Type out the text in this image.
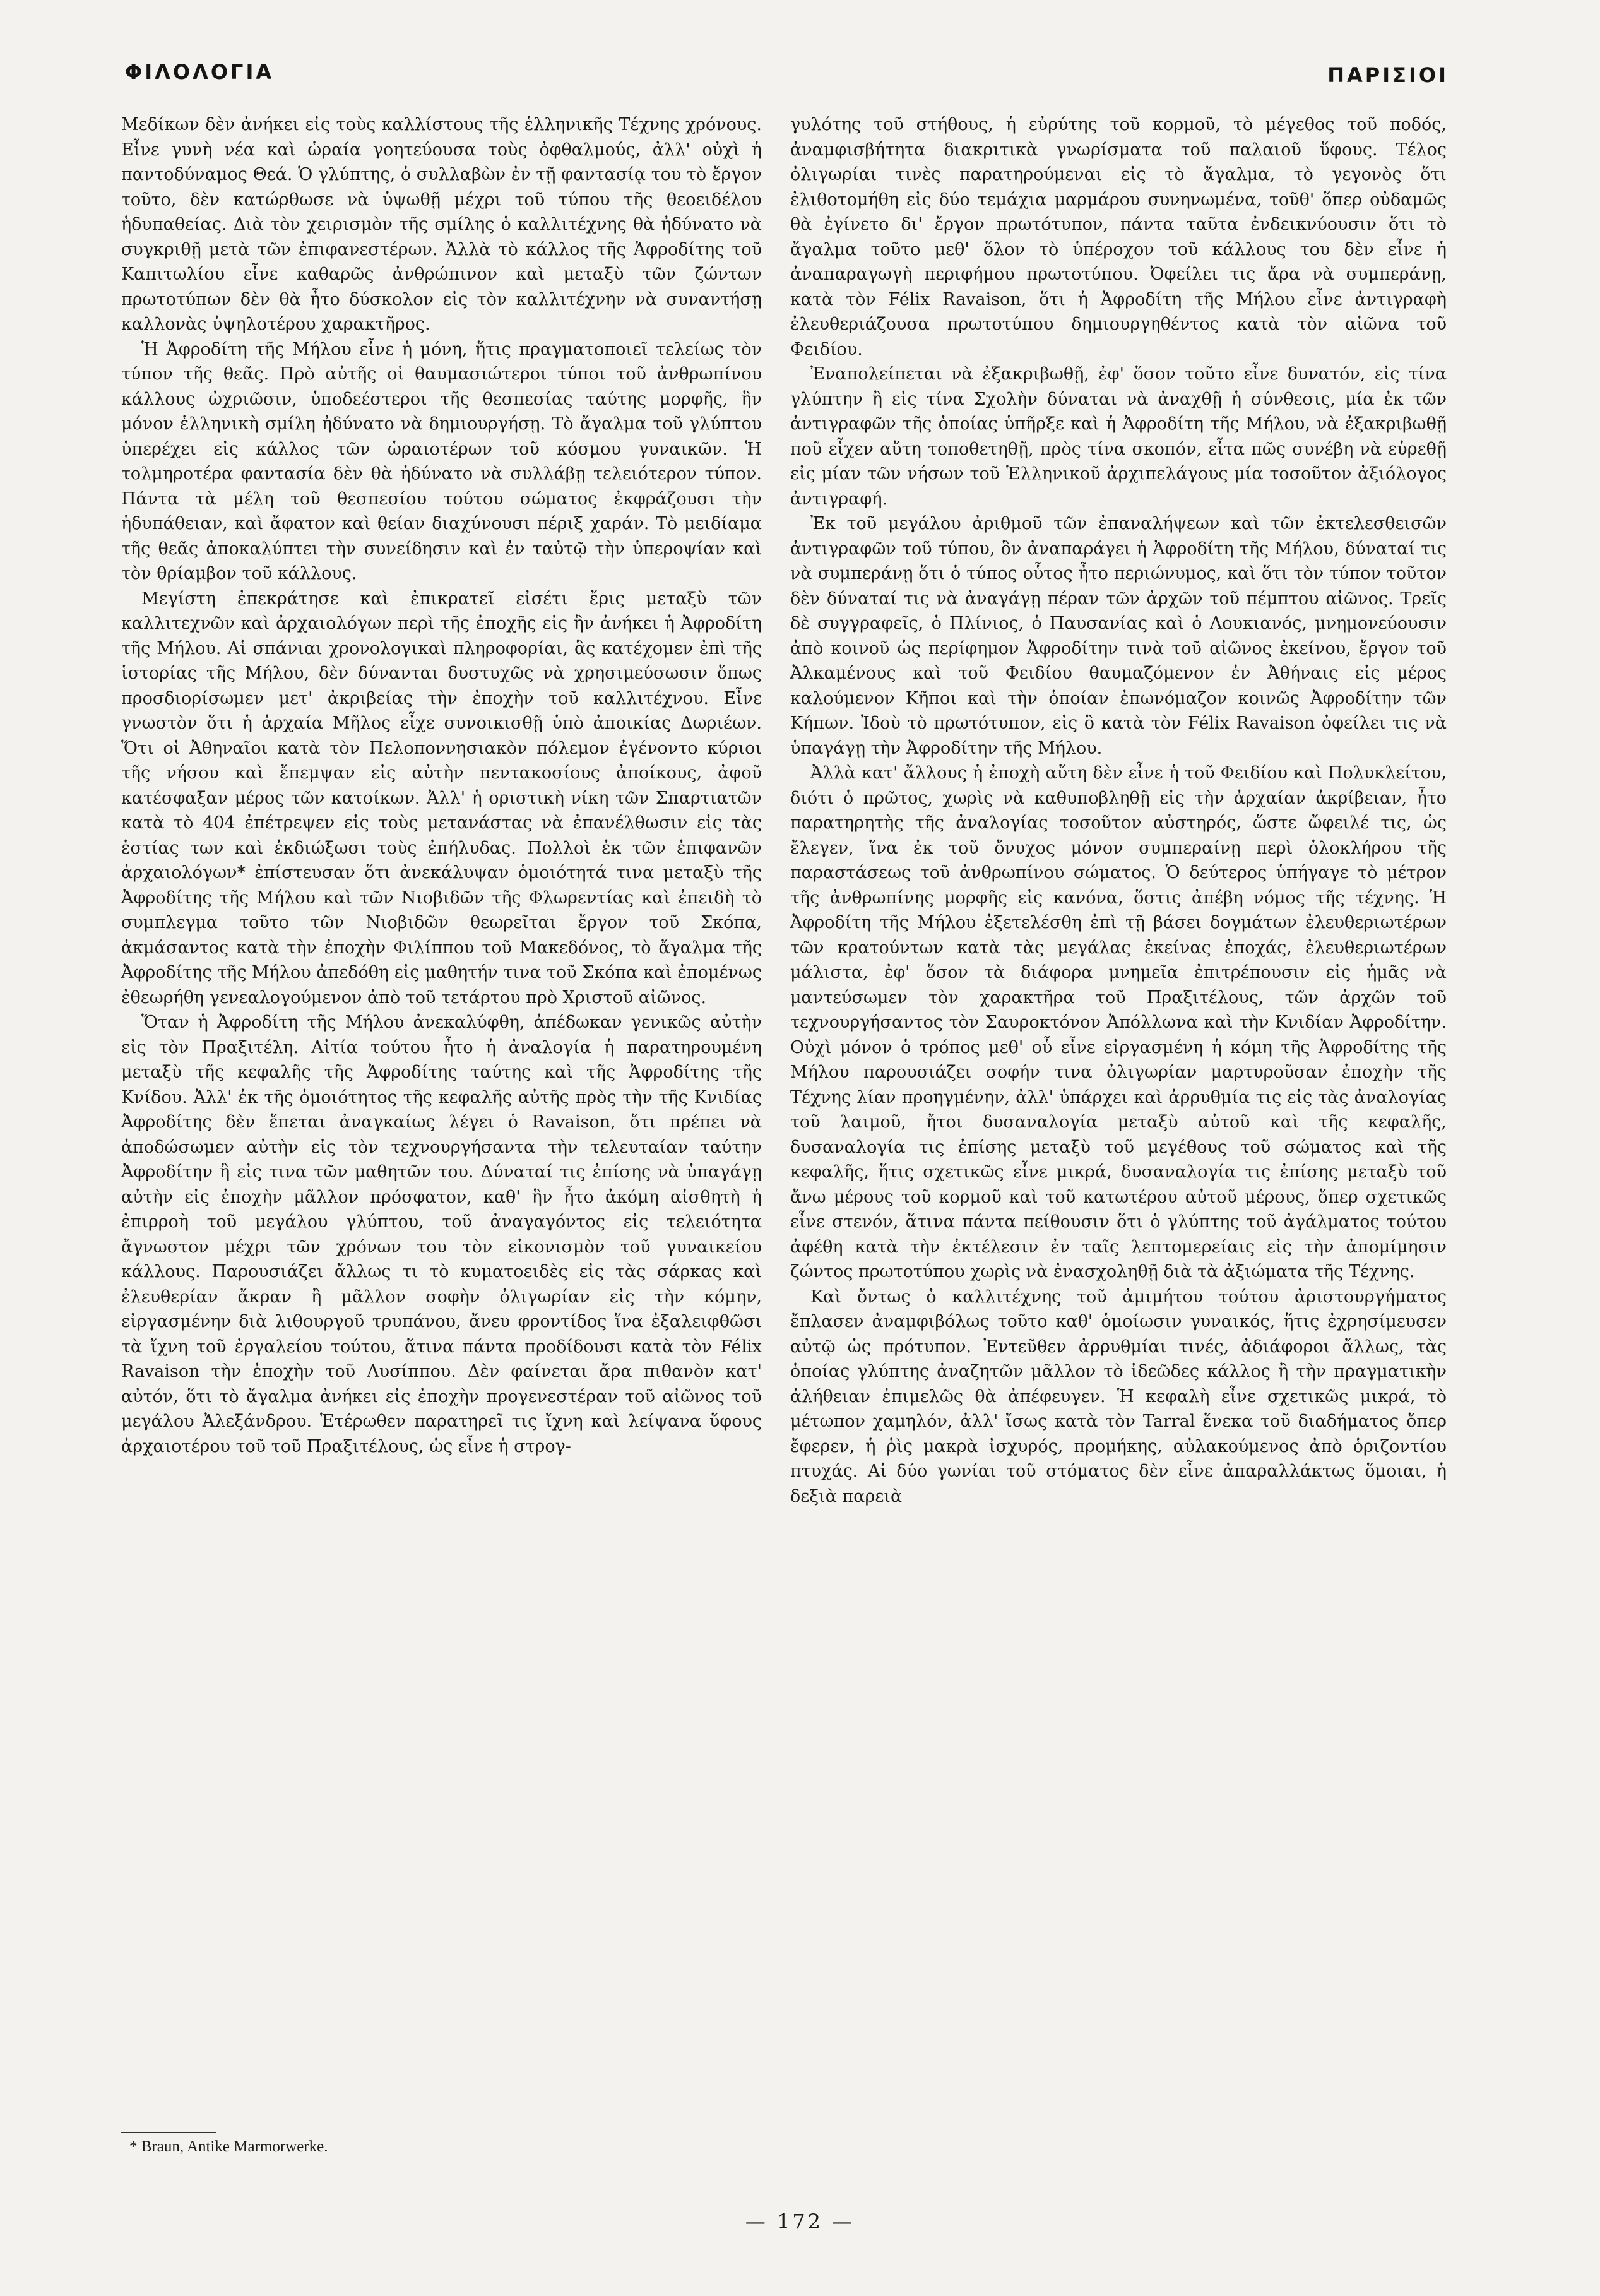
ΦΙΛΟΛΟΓΙΑ	ΠΑΡΙΣΙΟΙ

Μεδίκων δὲν ἀνήκει εἰς τοὺς καλλίστους τῆς ἑλληνικῆς Τέχνης χρόνους. Εἶνε γυνὴ νέα καὶ ὡραία γοητεύουσα τοὺς ὀφθαλμούς, ἀλλ' οὐχὶ ἡ παντοδύναμος Θεά. Ὁ γλύπτης, ὁ συλλαβὼν ἐν τῇ φαντασίᾳ του τὸ ἔργον τοῦτο, δὲν κατώρθωσε νὰ ὑψωθῇ μέχρι τοῦ τύπου τῆς θεοειδέλου ἡδυπαθείας. Διὰ τὸν χειρισμὸν τῆς σμίλης ὁ καλλιτέχνης θὰ ἠδύνατο νὰ συγκριθῇ μετὰ τῶν ἐπιφανεστέρων. Ἀλλὰ τὸ κάλλος τῆς Ἀφροδίτης τοῦ Καπιτωλίου εἶνε καθαρῶς ἀνθρώπινον καὶ μεταξὺ τῶν ζώντων πρωτοτύπων δὲν θὰ ἦτο δύσκολον εἰς τὸν καλλιτέχνην νὰ συναντήσῃ καλλονὰς ὑψηλοτέρου χαρακτῆρος.

Ἡ Ἀφροδίτη τῆς Μήλου εἶνε ἡ μόνη, ἥτις πραγματοποιεῖ τελείως τὸν τύπον τῆς θεᾶς. Πρὸ αὐτῆς οἱ θαυμασιώτεροι τύποι τοῦ ἀνθρωπίνου κάλλους ὠχριῶσιν, ὑποδεέστεροι τῆς θεσπεσίας ταύτης μορφῆς, ἣν μόνον ἑλληνικὴ σμίλη ἠδύνατο νὰ δημιουργήσῃ. Τὸ ἄγαλμα τοῦ γλύπτου ὑπερέχει εἰς κάλλος τῶν ὡραιοτέρων τοῦ κόσμου γυναικῶν. Ἡ τολμηροτέρα φαντασία δὲν θὰ ἠδύνατο νὰ συλλάβῃ τελειότερον τύπον. Πάντα τὰ μέλη τοῦ θεσπεσίου τούτου σώματος ἐκφράζουσι τὴν ἡδυπάθειαν, καὶ ἄφατον καὶ θείαν διαχύνουσι πέριξ χαράν. Τὸ μειδίαμα τῆς θεᾶς ἀποκαλύπτει τὴν συνείδησιν καὶ ἐν ταὐτῷ τὴν ὑπεροψίαν καὶ τὸν θρίαμβον τοῦ κάλλους.

Μεγίστη ἐπεκράτησε καὶ ἐπικρατεῖ εἰσέτι ἔρις μεταξὺ τῶν καλλιτεχνῶν καὶ ἀρχαιολόγων περὶ τῆς ἐποχῆς εἰς ἣν ἀνήκει ἡ Ἀφροδίτη τῆς Μήλου. Αἱ σπάνιαι χρονολογικαὶ πληροφορίαι, ἃς κατέχομεν ἐπὶ τῆς ἱστορίας τῆς Μήλου, δὲν δύνανται δυστυχῶς νὰ χρησιμεύσωσιν ὅπως προσδιορίσωμεν μετ' ἀκριβείας τὴν ἐποχὴν τοῦ καλλιτέχνου. Εἶνε γνωστὸν ὅτι ἡ ἀρχαία Μῆλος εἶχε συνοικισθῇ ὑπὸ ἀποικίας Δωριέων. Ὅτι οἱ Ἀθηναῖοι κατὰ τὸν Πελοποννησιακὸν πόλεμον ἐγένοντο κύριοι τῆς νήσου καὶ ἔπεμψαν εἰς αὐτὴν πεντακοσίους ἀποίκους, ἀφοῦ κατέσφαξαν μέρος τῶν κατοίκων. Ἀλλ' ἡ οριστικὴ νίκη τῶν Σπαρτιατῶν κατὰ τὸ 404 ἐπέτρεψεν εἰς τοὺς μετανάστας νὰ ἐπανέλθωσιν εἰς τὰς ἑστίας των καὶ ἐκδιώξωσι τοὺς ἐπήλυδας. Πολλοὶ ἐκ τῶν ἐπιφανῶν ἀρχαιολόγων* ἐπίστευσαν ὅτι ἀνεκάλυψαν ὁμοιότητά τινα μεταξὺ τῆς Ἀφροδίτης τῆς Μήλου καὶ τῶν Νιοβιδῶν τῆς Φλωρεντίας καὶ ἐπειδὴ τὸ συμπλεγμα τοῦτο τῶν Νιοβιδῶν θεωρεῖται ἔργον τοῦ Σκόπα, ἀκμάσαντος κατὰ τὴν ἐποχὴν Φιλίππου τοῦ Μακεδόνος, τὸ ἄγαλμα τῆς Ἀφροδίτης τῆς Μήλου ἀπεδόθη εἰς μαθητήν τινα τοῦ Σκόπα καὶ ἐπομένως ἐθεωρήθη γενεαλογούμενον ἀπὸ τοῦ τετάρτου πρὸ Χριστοῦ αἰῶνος.

Ὅταν ἡ Ἀφροδίτη τῆς Μήλου ἀνεκαλύφθη, ἀπέδωκαν γενικῶς αὐτὴν εἰς τὸν Πραξιτέλη. Αἰτία τούτου ἦτο ἡ ἀναλογία ἡ παρατηρουμένη μεταξὺ τῆς κεφαλῆς τῆς Ἀφροδίτης ταύτης καὶ τῆς Ἀφροδίτης τῆς Κνίδου. Ἀλλ' ἐκ τῆς ὁμοιότητος τῆς κεφαλῆς αὐτῆς πρὸς τὴν τῆς Κνιδίας Ἀφροδίτης δὲν ἕπεται ἀναγκαίως λέγει ὁ Ravaison, ὅτι πρέπει νὰ ἀποδώσωμεν αὐτὴν εἰς τὸν τεχνουργήσαντα τὴν τελευταίαν ταύτην Ἀφροδίτην ἢ εἰς τινα τῶν μαθητῶν του. Δύναταί τις ἐπίσης νὰ ὑπαγάγῃ αὐτὴν εἰς ἐποχὴν μᾶλλον πρόσφατον, καθ' ἣν ἦτο ἀκόμη αἰσθητὴ ἡ ἐπιρροὴ τοῦ μεγάλου γλύπτου, τοῦ ἀναγαγόντος εἰς τελειότητα ἄγνωστον μέχρι τῶν χρόνων του τὸν εἰκονισμὸν τοῦ γυναικείου κάλλους. Παρουσιάζει ἄλλως τι τὸ κυματοειδὲς εἰς τὰς σάρκας καὶ ἐλευθερίαν ἄκραν ἢ μᾶλλον σοφὴν ὀλιγωρίαν εἰς τὴν κόμην, εἰργασμένην διὰ λιθουργοῦ τρυπάνου, ἄνευ φροντίδος ἵνα ἐξαλειφθῶσι τὰ ἴχνη τοῦ ἐργαλείου τούτου, ἅτινα πάντα προδίδουσι κατὰ τὸν Félix Ravaison τὴν ἐποχὴν τοῦ Λυσίππου. Δὲν φαίνεται ἄρα πιθανὸν κατ' αὐτόν, ὅτι τὸ ἄγαλμα ἀνήκει εἰς ἐποχὴν προγενεστέραν τοῦ αἰῶνος τοῦ μεγάλου Ἀλεξάνδρου. Ἑτέρωθεν παρατηρεῖ τις ἴχνη καὶ λείψανα ὕφους ἀρχαιοτέρου τοῦ τοῦ Πραξιτέλους, ὡς εἶνε ἡ στρογ-

γυλότης τοῦ στήθους, ἡ εὐρύτης τοῦ κορμοῦ, τὸ μέγεθος τοῦ ποδός, ἀναμφισβήτητα διακριτικὰ γνωρίσματα τοῦ παλαιοῦ ὕφους. Τέλος ὀλιγωρίαι τινὲς παρατηρούμεναι εἰς τὸ ἄγαλμα, τὸ γεγονὸς ὅτι ἐλιθοτομήθη εἰς δύο τεμάχια μαρμάρου συνηνωμένα, τοῦθ' ὅπερ οὐδαμῶς θὰ ἐγίνετο δι' ἔργον πρωτότυπον, πάντα ταῦτα ἐνδεικνύουσιν ὅτι τὸ ἄγαλμα τοῦτο μεθ' ὅλον τὸ ὑπέροχον τοῦ κάλλους του δὲν εἶνε ἡ ἀναπαραγωγὴ περιφήμου πρωτοτύπου. Ὀφείλει τις ἄρα νὰ συμπεράνῃ, κατὰ τὸν Félix Ravaison, ὅτι ἡ Ἀφροδίτη τῆς Μήλου εἶνε ἀντιγραφὴ ἐλευθεριάζουσα πρωτοτύπου δημιουργηθέντος κατὰ τὸν αἰῶνα τοῦ Φειδίου.

Ἐναπολείπεται νὰ ἐξακριβωθῇ, ἐφ' ὅσον τοῦτο εἶνε δυνατόν, εἰς τίνα γλύπτην ἢ εἰς τίνα Σχολὴν δύναται νὰ ἀναχθῇ ἡ σύνθεσις, μία ἐκ τῶν ἀντιγραφῶν τῆς ὁποίας ὑπῆρξε καὶ ἡ Ἀφροδίτη τῆς Μήλου, νὰ ἐξακριβωθῇ ποῦ εἶχεν αὕτη τοποθετηθῇ, πρὸς τίνα σκοπόν, εἶτα πῶς συνέβη νὰ εὑρεθῇ εἰς μίαν τῶν νήσων τοῦ Ἑλληνικοῦ ἀρχιπελάγους μία τοσοῦτον ἀξιόλογος ἀντιγραφή.

Ἐκ τοῦ μεγάλου ἀριθμοῦ τῶν ἐπαναλήψεων καὶ τῶν ἐκτελεσθεισῶν ἀντιγραφῶν τοῦ τύπου, ὃν ἀναπαράγει ἡ Ἀφροδίτη τῆς Μήλου, δύναταί τις νὰ συμπεράνῃ ὅτι ὁ τύπος οὗτος ἦτο περιώνυμος, καὶ ὅτι τὸν τύπον τοῦτον δὲν δύναταί τις νὰ ἀναγάγῃ πέραν τῶν ἀρχῶν τοῦ πέμπτου αἰῶνος. Τρεῖς δὲ συγγραφεῖς, ὁ Πλίνιος, ὁ Παυσανίας καὶ ὁ Λουκιανός, μνημονεύουσιν ἀπὸ κοινοῦ ὡς περίφημον Ἀφροδίτην τινὰ τοῦ αἰῶνος ἐκείνου, ἔργον τοῦ Ἀλκαμένους καὶ τοῦ Φειδίου θαυμαζόμενον ἐν Ἀθήναις εἰς μέρος καλούμενον Κῆποι καὶ τὴν ὁποίαν ἐπωνόμαζον κοινῶς Ἀφροδίτην τῶν Κήπων. Ἰδοὺ τὸ πρωτότυπον, εἰς ὃ κατὰ τὸν Félix Ravaison ὀφείλει τις νὰ ὑπαγάγῃ τὴν Ἀφροδίτην τῆς Μήλου.

Ἀλλὰ κατ' ἄλλους ἡ ἐποχὴ αὕτη δὲν εἶνε ἡ τοῦ Φειδίου καὶ Πολυκλείτου, διότι ὁ πρῶτος, χωρὶς νὰ καθυποβληθῇ εἰς τὴν ἀρχαίαν ἀκρίβειαν, ἦτο παρατηρητὴς τῆς ἀναλογίας τοσοῦτον αὐστηρός, ὥστε ὤφειλέ τις, ὡς ἔλεγεν, ἵνα ἐκ τοῦ ὄνυχος μόνον συμπεραίνῃ περὶ ὁλοκλήρου τῆς παραστάσεως τοῦ ἀνθρωπίνου σώματος. Ὁ δεύτερος ὑπήγαγε τὸ μέτρον τῆς ἀνθρωπίνης μορφῆς εἰς κανόνα, ὅστις ἀπέβη νόμος τῆς τέχνης. Ἡ Ἀφροδίτη τῆς Μήλου ἐξετελέσθη ἐπὶ τῇ βάσει δογμάτων ἐλευθεριωτέρων τῶν κρατούντων κατὰ τὰς μεγάλας ἐκείνας ἐποχάς, ἐλευθεριωτέρων μάλιστα, ἐφ' ὅσον τὰ διάφορα μνημεῖα ἐπιτρέπουσιν εἰς ἡμᾶς νὰ μαντεύσωμεν τὸν χαρακτῆρα τοῦ Πραξιτέλους, τῶν ἀρχῶν τοῦ τεχνουργήσαντος τὸν Σαυροκτόνον Ἀπόλλωνα καὶ τὴν Κνιδίαν Ἀφροδίτην. Οὐχὶ μόνον ὁ τρόπος μεθ' οὗ εἶνε εἰργασμένη ἡ κόμη τῆς Ἀφροδίτης τῆς Μήλου παρουσιάζει σοφήν τινα ὀλιγωρίαν μαρτυροῦσαν ἐποχὴν τῆς Τέχνης λίαν προηγμένην, ἀλλ' ὑπάρχει καὶ ἀρρυθμία τις εἰς τὰς ἀναλογίας τοῦ λαιμοῦ, ἤτοι δυσαναλογία μεταξὺ αὐτοῦ καὶ τῆς κεφαλῆς, δυσαναλογία τις ἐπίσης μεταξὺ τοῦ μεγέθους τοῦ σώματος καὶ τῆς κεφαλῆς, ἥτις σχετικῶς εἶνε μικρά, δυσαναλογία τις ἐπίσης μεταξὺ τοῦ ἄνω μέρους τοῦ κορμοῦ καὶ τοῦ κατωτέρου αὐτοῦ μέρους, ὅπερ σχετικῶς εἶνε στενόν, ἅτινα πάντα πείθουσιν ὅτι ὁ γλύπτης τοῦ ἀγάλματος τούτου ἀφέθη κατὰ τὴν ἐκτέλεσιν ἐν ταῖς λεπτομερείαις εἰς τὴν ἀπομίμησιν ζώντος πρωτοτύπου χωρὶς νὰ ἐνασχοληθῇ διὰ τὰ ἀξιώματα τῆς Τέχνης.

Καὶ ὄντως ὁ καλλιτέχνης τοῦ ἀμιμήτου τούτου ἀριστουργήματος ἔπλασεν ἀναμφιβόλως τοῦτο καθ' ὁμοίωσιν γυναικός, ἥτις ἐχρησίμευσεν αὐτῷ ὡς πρότυπον. Ἐντεῦθεν ἀρρυθμίαι τινές, ἀδιάφοροι ἄλλως, τὰς ὁποίας γλύπτης ἀναζητῶν μᾶλλον τὸ ἰδεῶδες κάλλος ἢ τὴν πραγματικὴν ἀλήθειαν ἐπιμελῶς θὰ ἀπέφευγεν. Ἡ κεφαλὴ εἶνε σχετικῶς μικρά, τὸ μέτωπον χαμηλόν, ἀλλ' ἴσως κατὰ τὸν Tarral ἕνεκα τοῦ διαδήματος ὅπερ ἔφερεν, ἡ ῥὶς μακρὰ ἰσχυρός, προμήκης, αὐλακούμενος ἀπὸ ὁριζοντίου πτυχάς. Αἱ δύο γωνίαι τοῦ στόματος δὲν εἶνε ἀπαραλλάκτως ὅμοιαι, ἡ δεξιὰ παρειὰ

* Braun, Antike Marmorwerke.
— 172 —
